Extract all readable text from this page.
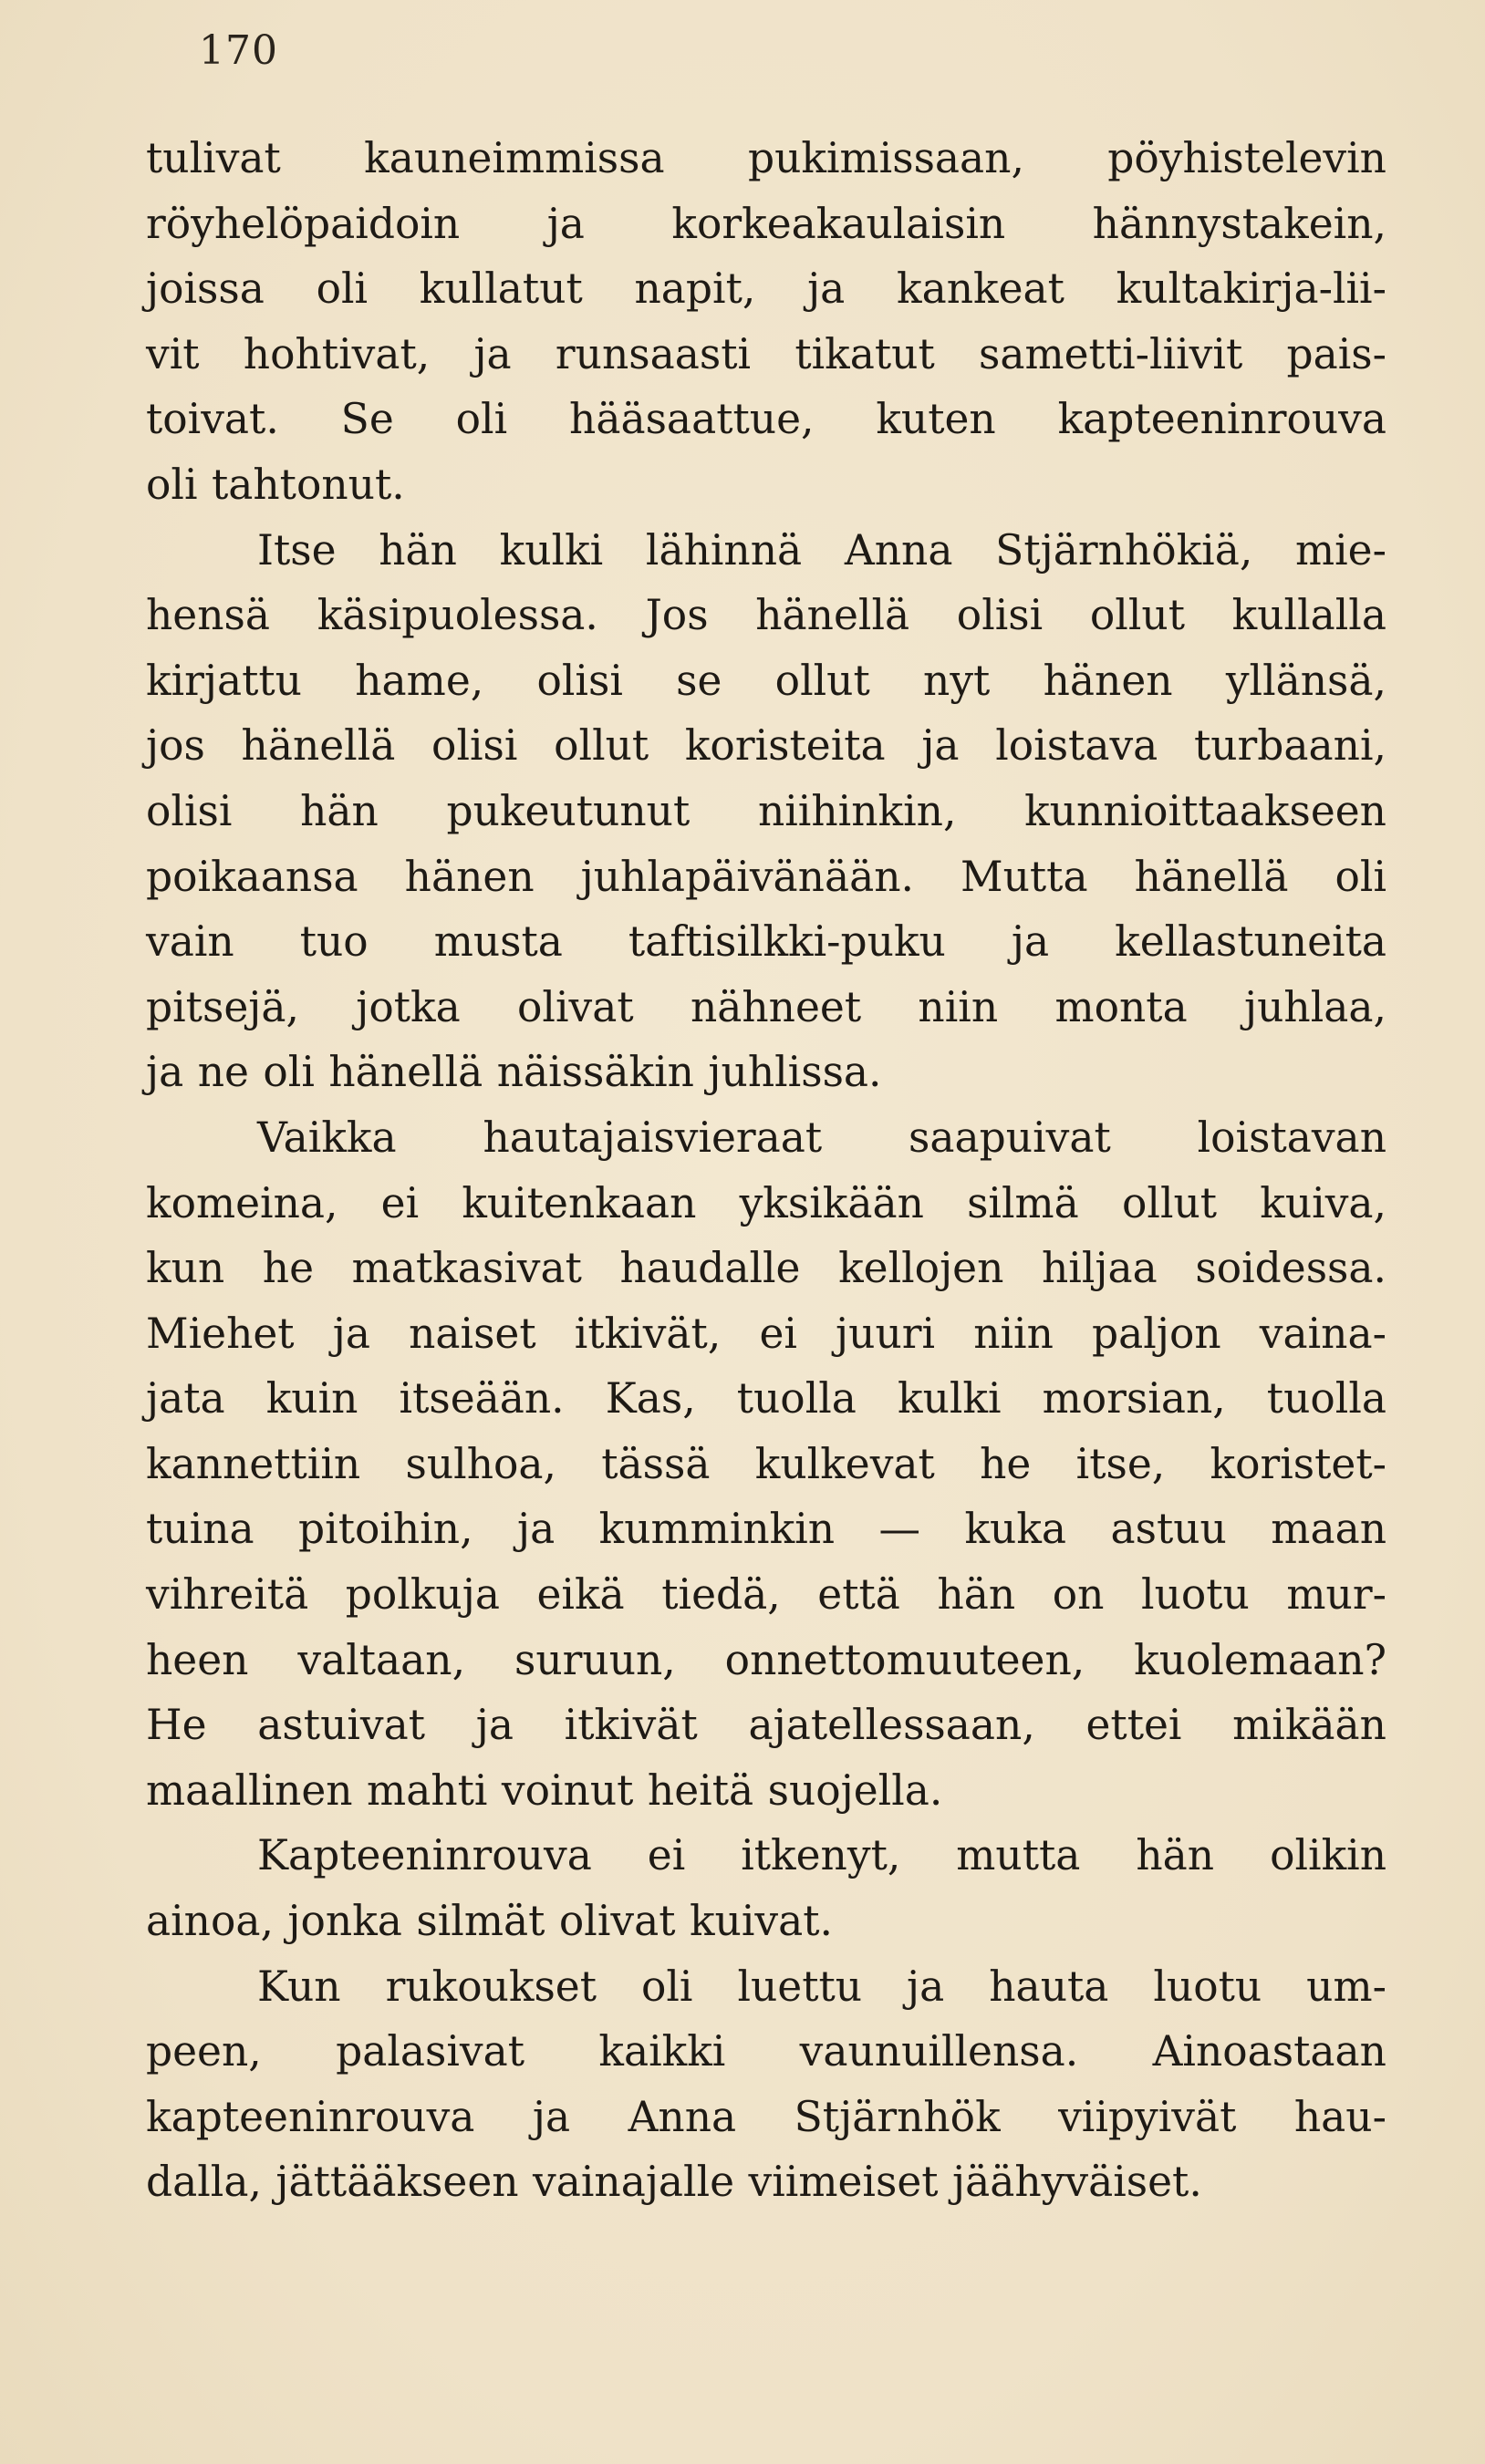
170
tulivat kauneimmissa pukimissaan, pöyhistelevin
röyhelöpaidoin ja korkeakaulaisin hännystakein,
joissa oli kullatut napit, ja kankeat kultakirja-lii-
vit hohtivat, ja runsaasti tikatut sametti-liivit pais-
toivat. Se oli hääsaattue, kuten kapteeninrouva
oli tahtonut.
Itse hän kulki lähinnä Anna Stjärnhökiä, mie-
hensä käsipuolessa. Jos hänellä olisi ollut kullalla
kirjattu hame, olisi se ollut nyt hänen yllänsä,
jos hänellä olisi ollut koristeita ja loistava turbaani,
olisi hän pukeutunut niihinkin, kunnioittaakseen
poikaansa hänen juhlapäivänään. Mutta hänellä oli
vain tuo musta taftisilkki-puku ja kellastuneita
pitsejä, jotka olivat nähneet niin monta juhlaa,
ja ne oli hänellä näissäkin juhlissa.
Vaikka hautajaisvieraat saapuivat loistavan
komeina, ei kuitenkaan yksikään silmä ollut kuiva,
kun he matkasivat haudalle kellojen hiljaa soidessa.
Miehet ja naiset itkivät, ei juuri niin paljon vaina-
jata kuin itseään. Kas, tuolla kulki morsian, tuolla
kannettiin sulhoa, tässä kulkevat he itse, koristet-
tuina pitoihin, ja kumminkin — kuka astuu maan
vihreitä polkuja eikä tiedä, että hän on luotu mur-
heen valtaan, suruun, onnettomuuteen, kuolemaan?
He astuivat ja itkivät ajatellessaan, ettei mikään
maallinen mahti voinut heitä suojella.
Kapteeninrouva ei itkenyt, mutta hän olikin
ainoa, jonka silmät olivat kuivat.
Kun rukoukset oli luettu ja hauta luotu um-
peen, palasivat kaikki vaunuillensa. Ainoastaan
kapteeninrouva ja Anna Stjärnhök viipyivät hau-
dalla, jättääkseen vainajalle viimeiset jäähyväiset.
